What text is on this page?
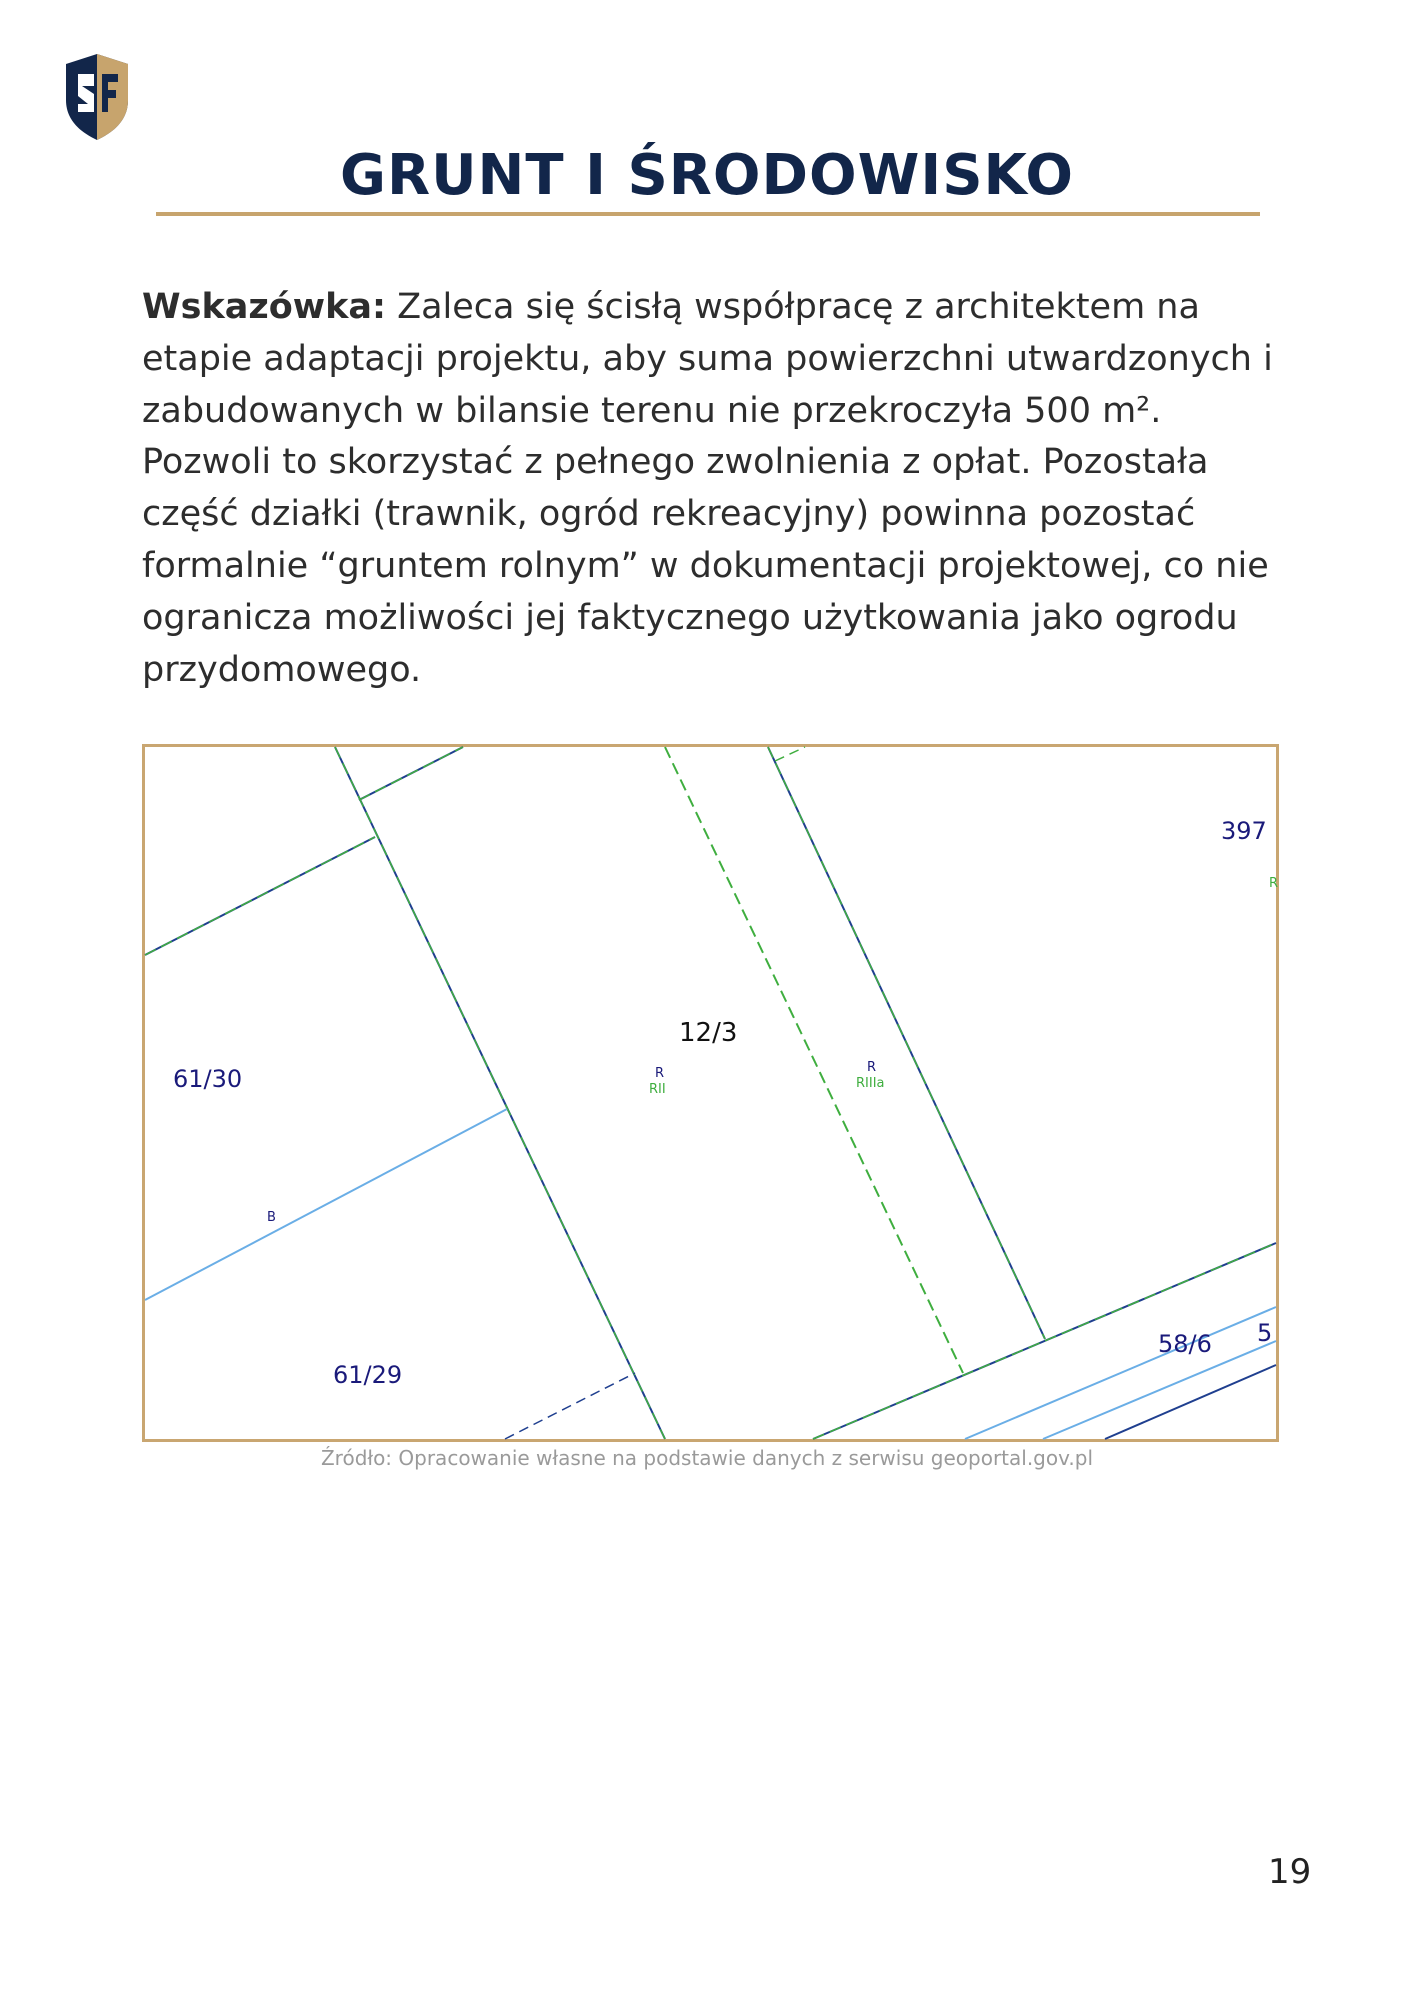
GRUNT I ŚRODOWISKO

Wskazówka: Zaleca się ścisłą współpracę z architektem na etapie adaptacji projektu, aby suma powierzchni utwardzonych i zabudowanych w bilansie terenu nie przekroczyła 500 m². Pozwoli to skorzystać z pełnego zwolnienia z opłat. Pozostała część działki (trawnik, ogród rekreacyjny) powinna pozostać formalnie “gruntem rolnym” w dokumentacji projektowej, co nie ogranicza możliwości jej faktycznego użytkowania jako ogrodu przydomowego.

12/3
61/30
61/29
397
58/6 5
R
RII
R
RIIIa
B
R
Źródło: Opracowanie własne na podstawie danych z serwisu geoportal.gov.pl
19
